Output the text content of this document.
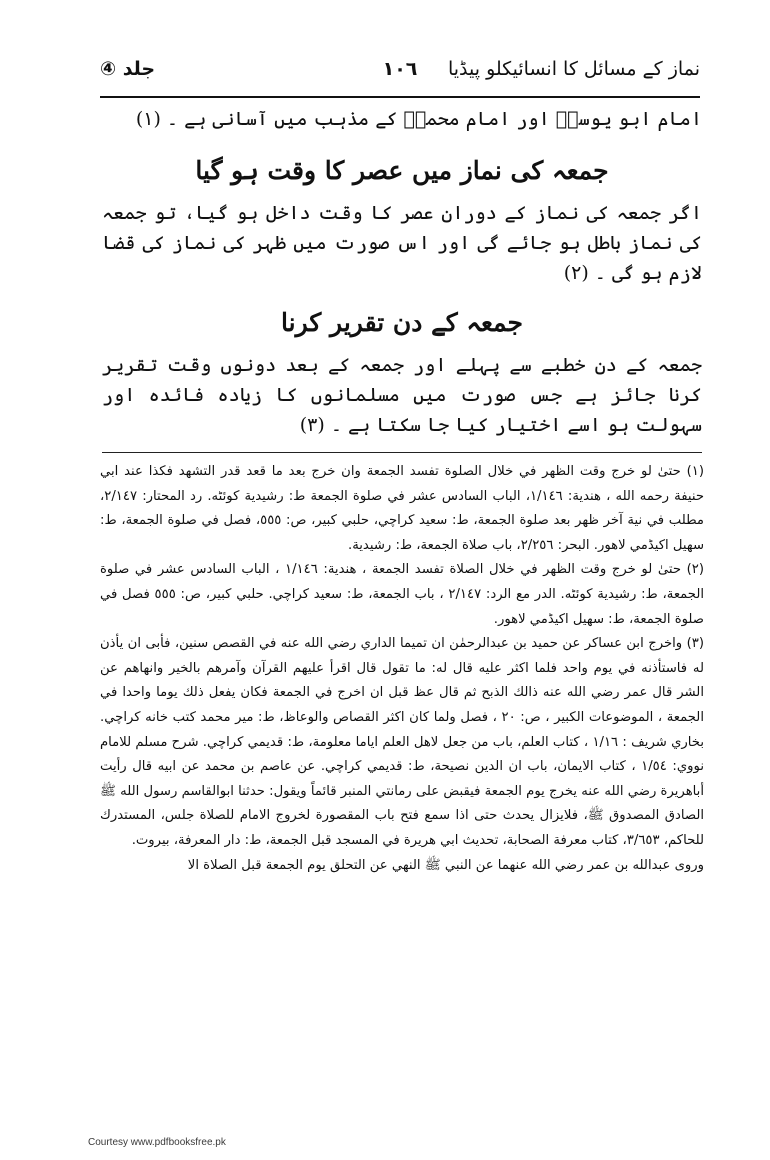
نماز کے مسائل کا انسائیکلو پیڈیا
١٠٦
جلد ④

امام ابو یوسفؒ اور امام محمدؒ کے مذہب میں آسانی ہے ۔ (١)

جمعہ کی نماز میں عصر کا وقت ہو گیا

اگر جمعہ کی نماز کے دوران عصر کا وقت داخل ہو گیا، تو جمعہ کی نماز باطل ہو جائے گی اور اس صورت میں ظہر کی نماز کی قضا لازم ہو گی ۔ (٢)

جمعہ کے دن تقریر کرنا

جمعہ کے دن خطبے سے پہلے اور جمعہ کے بعد دونوں وقت تقریر کرنا جائز ہے جس صورت میں مسلمانوں کا زیادہ فائدہ اور سہولت ہو اسے اختیار کیا جا سکتا ہے ۔ (٣)

(١) حتیٰ لو خرج وقت الظهر في خلال الصلوة تفسد الجمعة وان خرج بعد ما قعد قدر التشهد فكذا عند ابي حنيفة رحمه الله ، هندية: ١/١٤٦، الباب السادس عشر في صلوة الجمعة ط: رشيدية كوئٹه. رد المحتار: ٢/١٤٧، مطلب في نية آخر ظهر بعد صلوة الجمعة، ط: سعيد كراچي، حلبي كبير، ص: ٥٥٥، فصل في صلوة الجمعة، ط: سهيل اكيڈمي لاهور. البحر: ٢/٢٥٦، باب صلاة الجمعة، ط: رشيدية.

(٢) حتىٰ لو خرج وقت الظهر في خلال الصلاة تفسد الجمعة ، هندية: ١/١٤٦ ، الباب السادس عشر في صلوة الجمعة، ط: رشيدية كوئٹه. الدر مع الرد: ٢/١٤٧ ، باب الجمعة، ط: سعيد كراچي. حلبي كبير، ص: ٥٥٥ فصل في صلوة الجمعة، ط: سهيل اكيڈمي لاهور.

(٣) واخرج ابن عساكر عن حميد بن عبدالرحمٰن ان تميما الداري رضي الله عنه في القصص سنين، فأبى ان يأذن له فاستأذنه في يوم واحد فلما اكثر عليه قال له: ما تقول قال اقرأ عليهم القرآن وآمرهم بالخير وانهاهم عن الشر قال عمر رضي الله عنه ذالك الذبح ثم قال عظ قبل ان اخرج في الجمعة فكان يفعل ذلك يوما واحدا في الجمعة ، الموضوعات الكبير ، ص: ٢٠ ، فصل ولما كان اكثر القصاص والوعاظ، ط: مير محمد كتب خانه كراچي. بخاري شريف : ١/١٦ ، كتاب العلم، باب من جعل لاهل العلم اياما معلومة، ط: قديمي كراچي. شرح مسلم للامام نووي: ١/٥٤ ، كتاب الايمان، باب ان الدين نصيحة، ط: قديمي كراچي. عن عاصم بن محمد عن ابيه قال رأيت أباهريرة رضي الله عنه يخرج يوم الجمعة فيقبض على رمانتي المنبر قائماً ويقول: حدثنا ابوالقاسم رسول الله ﷺ الصادق المصدوق ﷺ، فلايزال يحدث حتى اذا سمع فتح باب المقصورة لخروج الامام للصلاة جلس، المستدرك للحاكم، ٣/٦٥٣، كتاب معرفة الصحابة، تحديث ابي هريرة في المسجد قبل الجمعة، ط: دار المعرفة، بيروت.

وروى عبدالله بن عمر رضي الله عنهما عن النبي ﷺ النهي عن التحلق يوم الجمعة قبل الصلاة الا

Courtesy www.pdfbooksfree.pk
